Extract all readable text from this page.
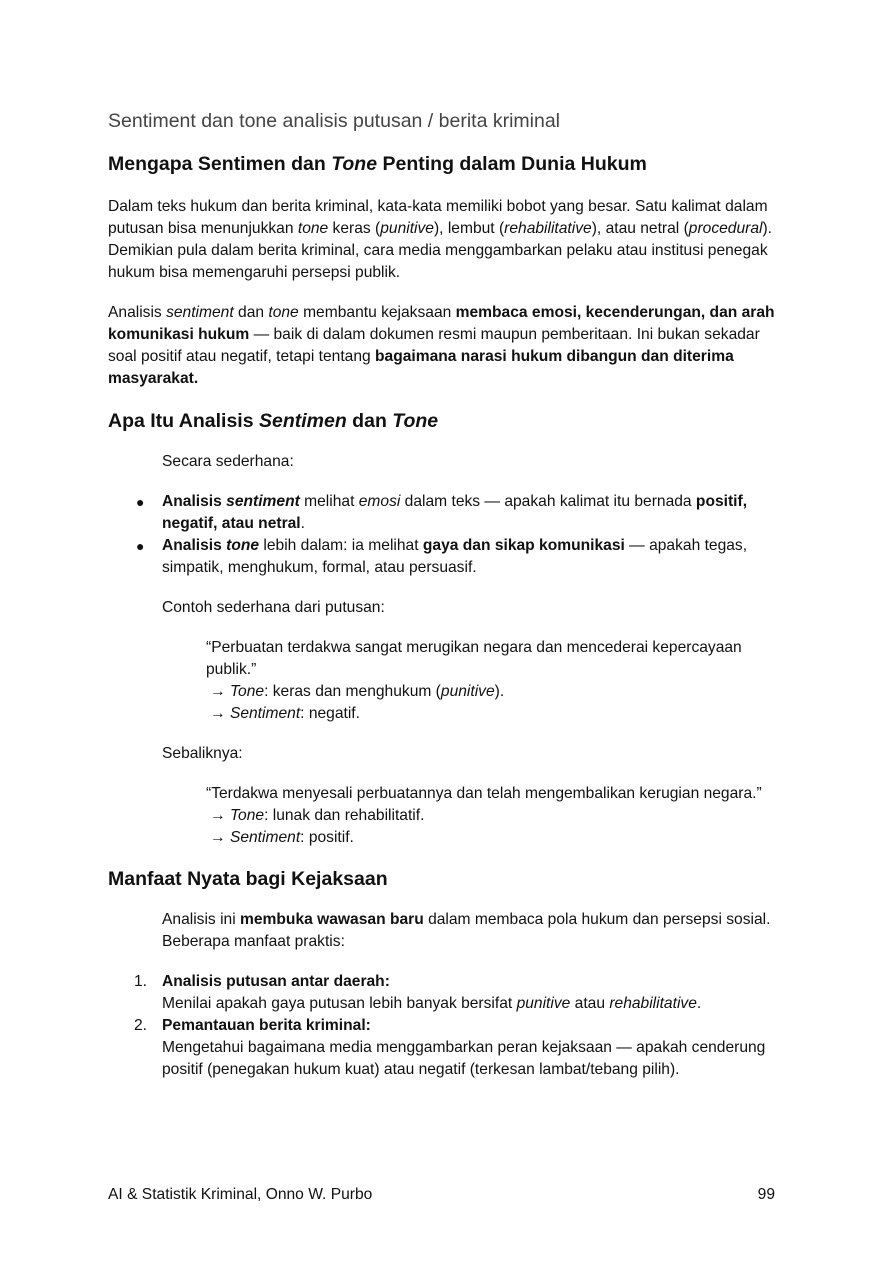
Sentiment dan tone analisis putusan / berita kriminal
Mengapa Sentimen dan Tone Penting dalam Dunia Hukum

Dalam teks hukum dan berita kriminal, kata-kata memiliki bobot yang besar. Satu kalimat dalam putusan bisa menunjukkan tone keras (punitive), lembut (rehabilitative), atau netral (procedural). Demikian pula dalam berita kriminal, cara media menggambarkan pelaku atau institusi penegak hukum bisa memengaruhi persepsi publik.

Analisis sentiment dan tone membantu kejaksaan membaca emosi, kecenderungan, dan arah komunikasi hukum — baik di dalam dokumen resmi maupun pemberitaan. Ini bukan sekadar soal positif atau negatif, tetapi tentang bagaimana narasi hukum dibangun dan diterima masyarakat.

Apa Itu Analisis Sentimen dan Tone

Secara sederhana:

● Analisis sentiment melihat emosi dalam teks — apakah kalimat itu bernada positif, negatif, atau netral.
● Analisis tone lebih dalam: ia melihat gaya dan sikap komunikasi — apakah tegas, simpatik, menghukum, formal, atau persuasif.

Contoh sederhana dari putusan:

“Perbuatan terdakwa sangat merugikan negara dan mencederai kepercayaan publik.”
→ Tone: keras dan menghukum (punitive).
→ Sentiment: negatif.

Sebaliknya:

“Terdakwa menyesali perbuatannya dan telah mengembalikan kerugian negara.”
→ Tone: lunak dan rehabilitatif.
→ Sentiment: positif.
Manfaat Nyata bagi Kejaksaan

Analisis ini membuka wawasan baru dalam membaca pola hukum dan persepsi sosial. Beberapa manfaat praktis:

1. Analisis putusan antar daerah:
Menilai apakah gaya putusan lebih banyak bersifat punitive atau rehabilitative.
2. Pemantauan berita kriminal:
Mengetahui bagaimana media menggambarkan peran kejaksaan — apakah cenderung positif (penegakan hukum kuat) atau negatif (terkesan lambat/tebang pilih).
AI & Statistik Kriminal, Onno W. Purbo	99
